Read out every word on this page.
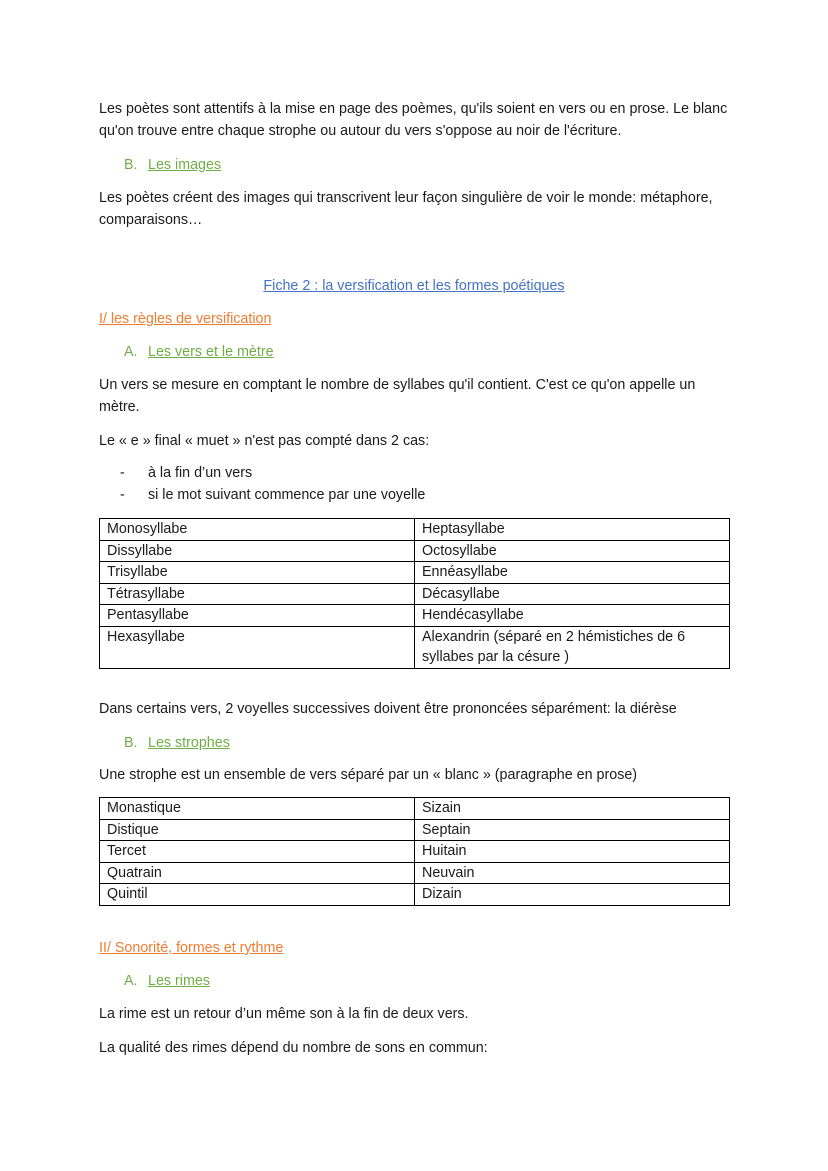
Les poètes sont attentifs à la mise en page des poèmes, qu'ils soient en vers ou en prose. Le blanc qu'on trouve entre chaque strophe ou autour du vers s'oppose au noir de l'écriture.

B. Les images

Les poètes créent des images qui transcrivent leur façon singulière de voir le monde: métaphore, comparaisons…

Fiche 2 : la versification et les formes poétiques

I/ les règles de versification

A. Les vers et le mètre

Un vers se mesure en comptant le nombre de syllabes qu'il contient. C'est ce qu'on appelle un mètre.

Le « e » final « muet » n'est pas compté dans 2 cas:

- à la fin d’un vers
- si le mot suivant commence par une voyelle
Monosyllabe	Heptasyllabe
Dissyllabe	Octosyllabe
Trisyllabe	Ennéasyllabe
Tétrasyllabe	Décasyllabe
Pentasyllabe	Hendécasyllabe
Hexasyllabe	Alexandrin (séparé en 2 hémistiches de 6 syllabes par la césure )

Dans certains vers, 2 voyelles successives doivent être prononcées séparément: la diérèse

B. Les strophes

Une strophe est un ensemble de vers séparé par un « blanc » (paragraphe en prose)

Monastique	Sizain
Distique	Septain
Tercet	Huitain
Quatrain	Neuvain
Quintil	Dizain

II/ Sonorité, formes et rythme

A. Les rimes

La rime est un retour d’un même son à la fin de deux vers.

La qualité des rimes dépend du nombre de sons en commun:
